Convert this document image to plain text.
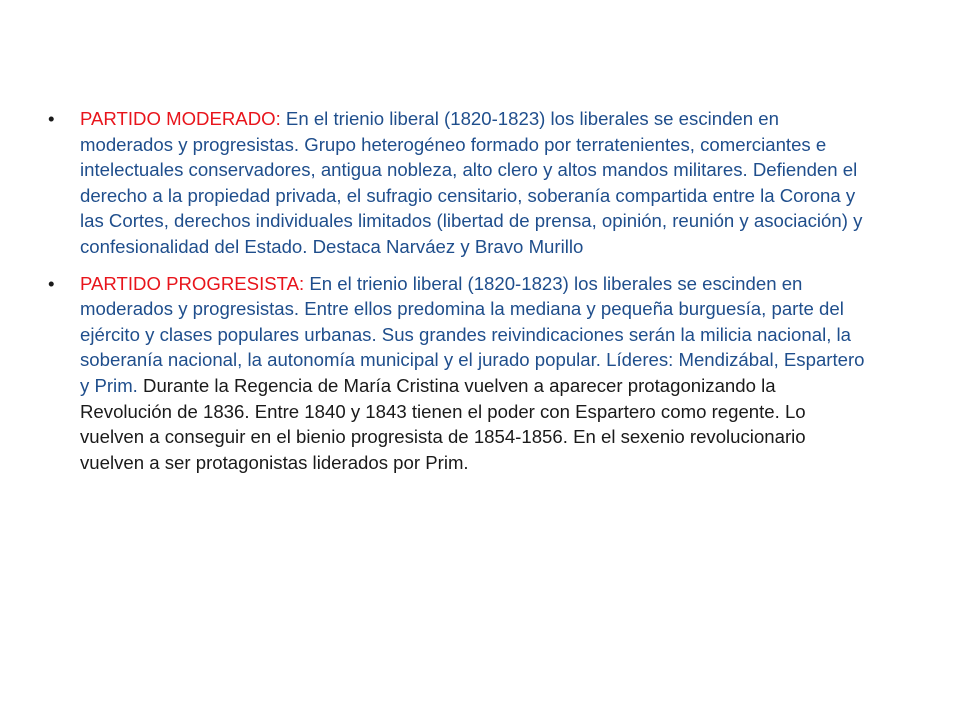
•	PARTIDO MODERADO: En el trienio liberal (1820-1823) los liberales se escinden en moderados y progresistas. Grupo heterogéneo formado por terratenientes, comerciantes e intelectuales conservadores, antigua nobleza, alto clero y altos mandos militares. Defienden el derecho a la propiedad privada, el sufragio censitario, soberanía compartida entre la Corona y las Cortes, derechos individuales limitados (libertad de prensa, opinión, reunión y asociación) y confesionalidad del Estado. Destaca Narváez y Bravo Murillo
•	PARTIDO PROGRESISTA: En el trienio liberal (1820-1823) los liberales se escinden en moderados y progresistas. Entre ellos predomina la mediana y pequeña burguesía, parte del ejército y clases populares urbanas. Sus grandes reivindicaciones serán la milicia nacional, la soberanía nacional, la autonomía municipal y el jurado popular. Líderes: Mendizábal, Espartero y Prim. Durante la Regencia de María Cristina vuelven a aparecer protagonizando la Revolución de 1836. Entre 1840 y 1843 tienen el poder con Espartero como regente. Lo vuelven a conseguir en el bienio progresista de 1854-1856. En el sexenio revolucionario vuelven a ser protagonistas liderados por Prim.
